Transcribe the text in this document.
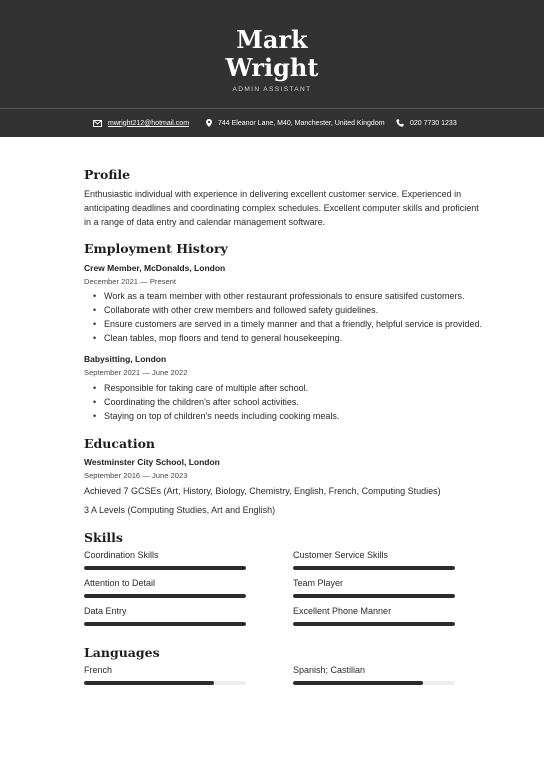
Mark
Wright
ADMIN ASSISTANT
mwright212@hotmail.com	744 Eleanor Lane, M40, Manchester, United Kingdom	020 7730 1233
Profile
Enthusiastic individual with experience in delivering excellent customer service. Experienced in
anticipating deadlines and coordinating complex schedules. Excellent computer skills and proficient
in a range of data entry and calendar management software.
Employment History
Crew Member, McDonalds, London
December 2021 — Present
• Work as a team member with other restaurant professionals to ensure satisifed customers.
• Collaborate with other crew members and followed safety guidelines.
• Ensure customers are served in a timely manner and that a friendly, helpful service is provided.
• Clean tables, mop floors and tend to general housekeeping.
Babysitting, London
September 2021 — June 2022
• Responsible for taking care of multiple after school.
• Coordinating the children's after school activities.
• Staying on top of children's needs including cooking meals.
Education
Westminster City School, London
September 2016 — June 2023
Achieved 7 GCSEs (Art, History, Biology, Chemistry, English, French, Computing Studies)
3 A Levels (Computing Studies, Art and English)
Skills
Coordination Skills	Customer Service Skills
Attention to Detail	Team Player
Data Entry	Excellent Phone Manner
Languages
French	Spanish; Castilian
